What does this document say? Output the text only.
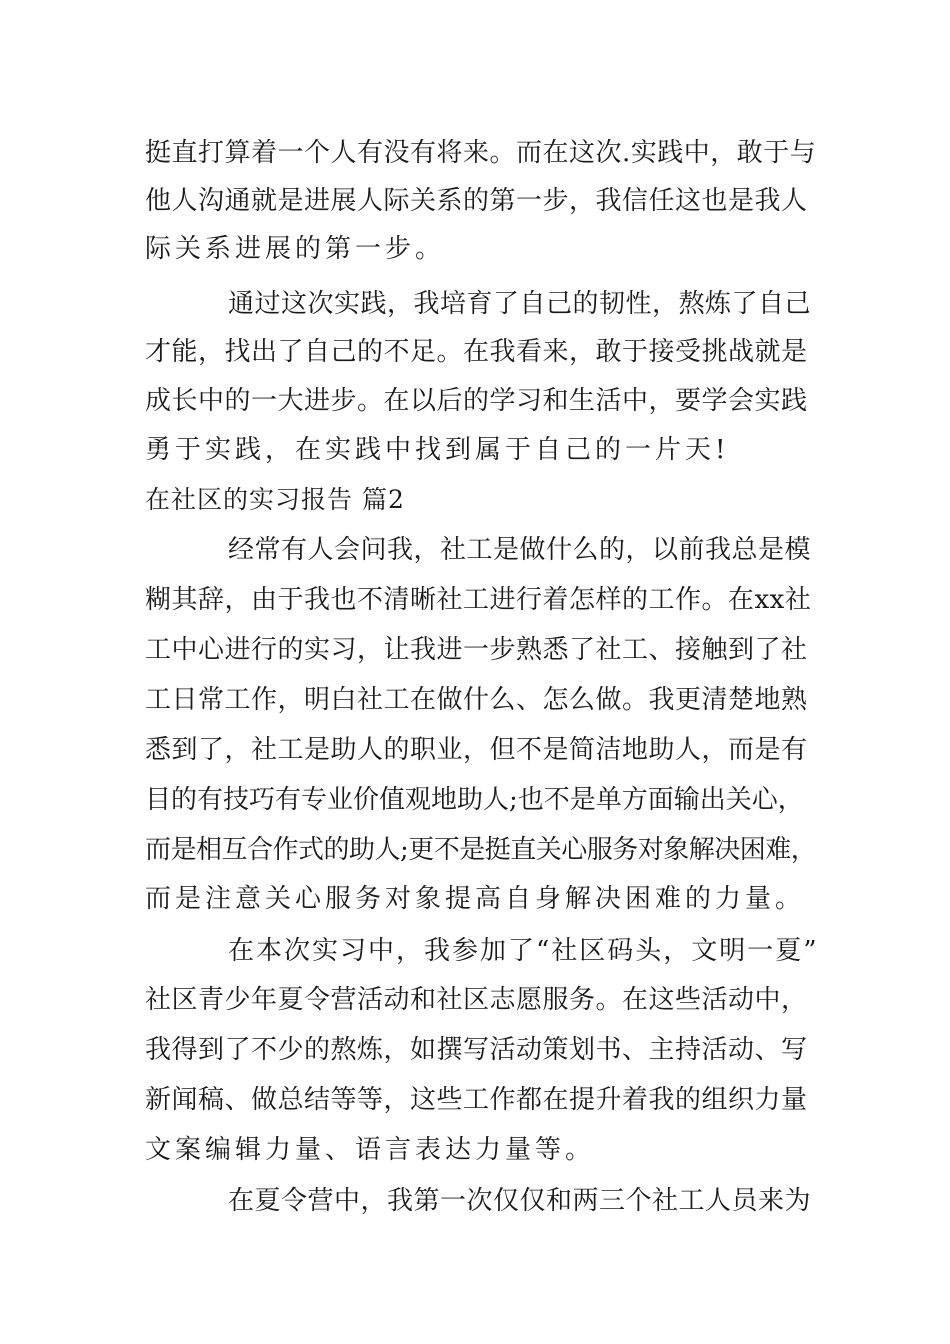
挺直打算着一个人有没有将来。而在这次.实践中，敢于与
他人沟通就是进展人际关系的第一步，我信任这也是我人
际关系进展的第一步。
通过这次实践，我培育了自己的韧性，熬炼了自己
才能，找出了自己的不足。在我看来，敢于接受挑战就是
成长中的一大进步。在以后的学习和生活中，要学会实践
勇于实践，在实践中找到属于自己的一片天!
在社区的实习报告 篇2
经常有人会问我，社工是做什么的，以前我总是模
糊其辞，由于我也不清晰社工进行着怎样的工作。在xx社
工中心进行的实习，让我进一步熟悉了社工、接触到了社
工日常工作，明白社工在做什么、怎么做。我更清楚地熟
悉到了，社工是助人的职业，但不是简洁地助人，而是有
目的有技巧有专业价值观地助人;也不是单方面输出关心，
而是相互合作式的助人;更不是挺直关心服务对象解决困难，
而是注意关心服务对象提高自身解决困难的力量。
在本次实习中，我参加了“社区码头，文明一夏”
社区青少年夏令营活动和社区志愿服务。在这些活动中，
我得到了不少的熬炼，如撰写活动策划书、主持活动、写
新闻稿、做总结等等，这些工作都在提升着我的组织力量
文案编辑力量、语言表达力量等。
在夏令营中，我第一次仅仅和两三个社工人员来为
